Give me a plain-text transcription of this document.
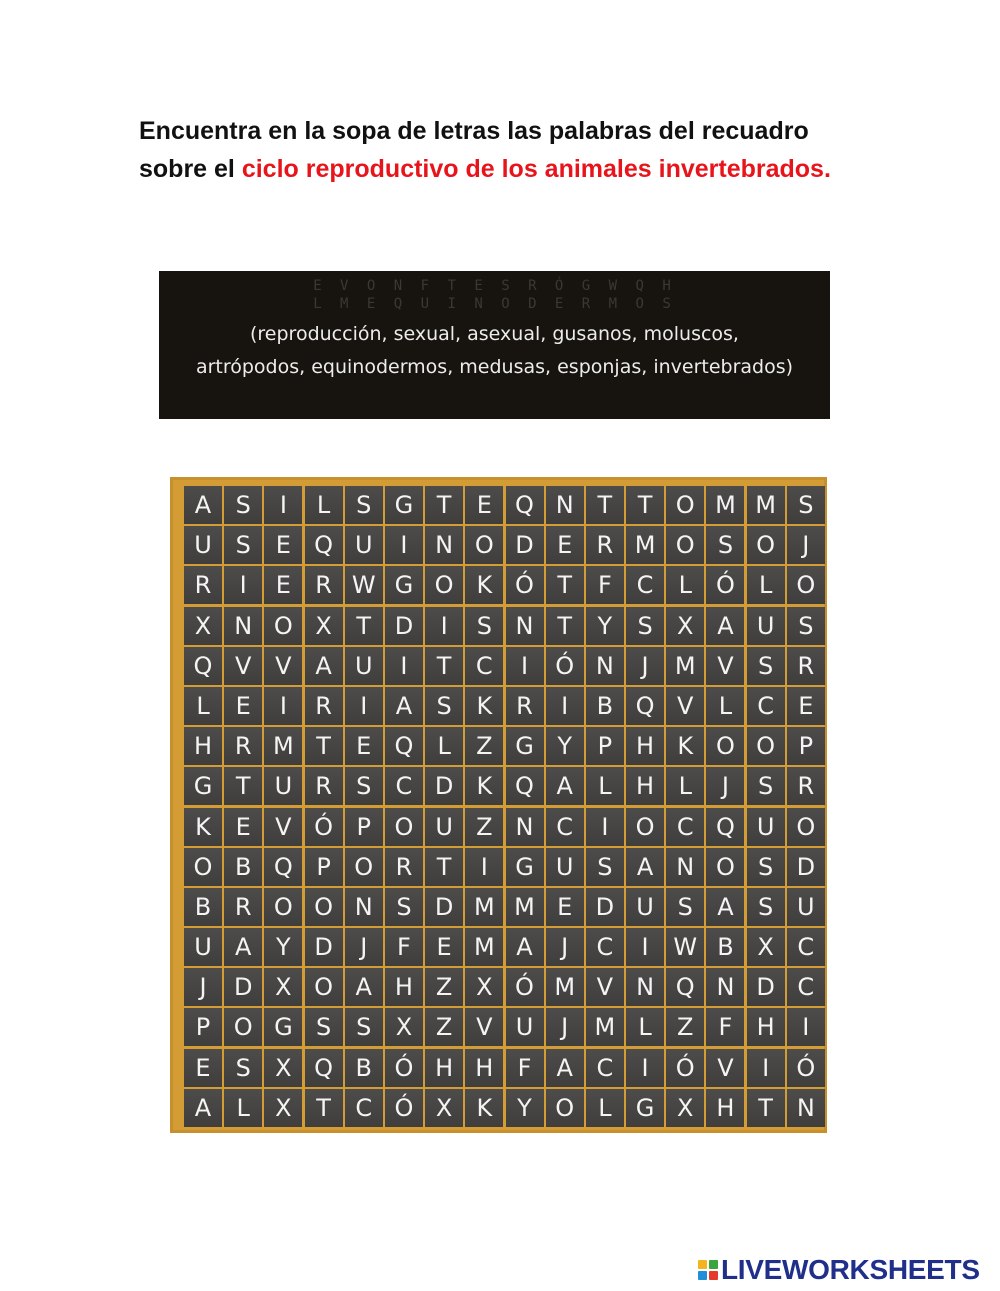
Encuentra en la sopa de letras las palabras del recuadro sobre el ciclo reproductivo de los animales invertebrados.
E V O N F T E S R Ó G W Q H
L M E Q U I N O D E R M O S
(reproducción, sexual, asexual, gusanos, moluscos,
artrópodos, equinodermos, medusas, esponjas, invertebrados)
A	S	I	L	S G T	E Q N T	T O M M S
U S	E Q U	I	N O D E	R M O S O	J
R	I	E	R W G O K Ó T	F	C	L	Ó	L	O
X N O X	T D	I	S N T	Y	S	X A U S
Q V V A U	I	T	C	I	Ó N	J	M V	S	R
L	E	I	R	I	A	S	K R	I	B Q V	L	C	E
H R M T	E Q	L	Z G Y	P H K O O P
G T	U R	S	C D K Q A	L	H	L	J	S	R
K	E	V Ó P O U Z N C	I	O C Q U O
O B Q P O R	T	I	G U S	A N O S D
B R O O N S D M M E D U S	A	S U
U A	Y D	J	F	E M A	J	C	I	W B X C
J	D X O A H Z X Ó M V N Q N D C
P O G S	S	X Z V U	J	M L	Z	F	H	I
E	S	X Q B Ó H H	F	A C	I	Ó V	I	Ó
A	L	X	T	C Ó X	K	Y O	L	G X H T N
LIVEWORKSHEETS
